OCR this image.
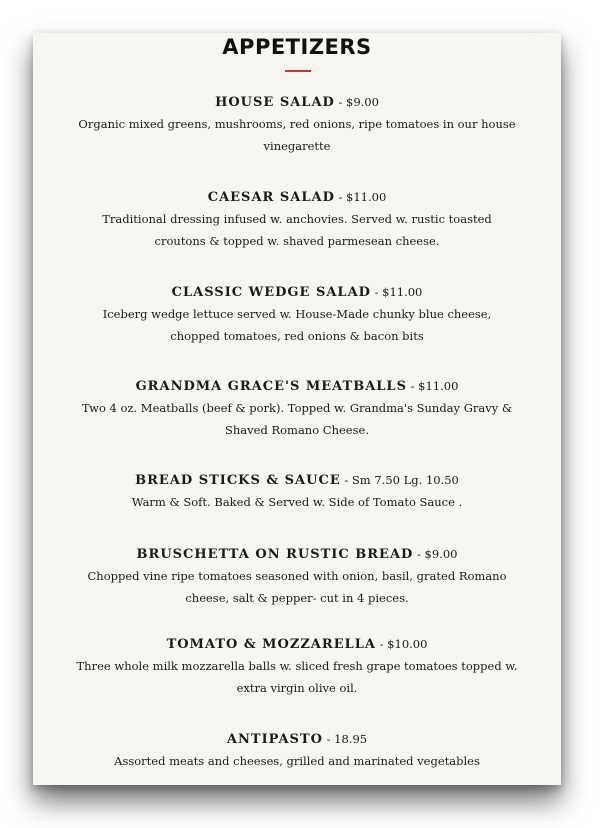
APPETIZERS
HOUSE SALAD - $9.00
Organic mixed greens, mushrooms, red onions, ripe tomatoes in our house vinegarette
CAESAR SALAD - $11.00
Traditional dressing infused w. anchovies. Served w. rustic toasted croutons & topped w. shaved parmesean cheese.
CLASSIC WEDGE SALAD - $11.00
Iceberg wedge lettuce served w. House-Made chunky blue cheese, chopped tomatoes, red onions & bacon bits
GRANDMA GRACE'S MEATBALLS - $11.00
Two 4 oz. Meatballs (beef & pork). Topped w. Grandma's Sunday Gravy & Shaved Romano Cheese.
BREAD STICKS & SAUCE - Sm 7.50 Lg. 10.50
Warm & Soft. Baked & Served w. Side of Tomato Sauce .
BRUSCHETTA ON RUSTIC BREAD - $9.00
Chopped vine ripe tomatoes seasoned with onion, basil, grated Romano cheese, salt & pepper- cut in 4 pieces.
TOMATO & MOZZARELLA - $10.00
Three whole milk mozzarella balls w. sliced fresh grape tomatoes topped w. extra virgin olive oil.
ANTIPASTO - 18.95
Assorted meats and cheeses, grilled and marinated vegetables
